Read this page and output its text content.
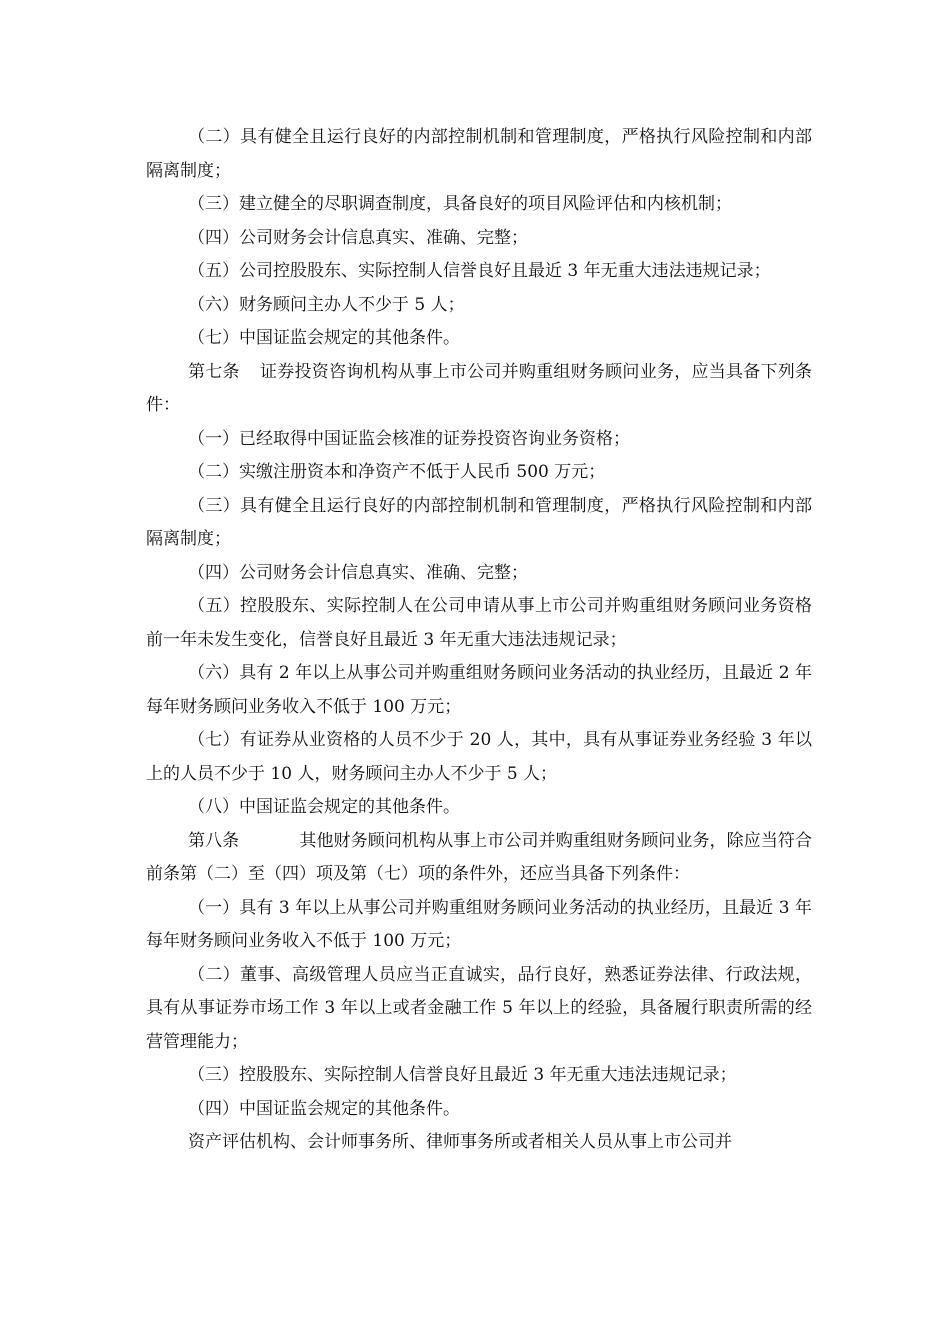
（二）具有健全且运行良好的内部控制机制和管理制度，严格执行风险控制和内部隔离制度；

（三）建立健全的尽职调查制度，具备良好的项目风险评估和内核机制；

（四）公司财务会计信息真实、准确、完整；

（五）公司控股股东、实际控制人信誉良好且最近 3 年无重大违法违规记录；

（六）财务顾问主办人不少于 5 人；

（七）中国证监会规定的其他条件。

第七条 证券投资咨询机构从事上市公司并购重组财务顾问业务，应当具备下列条件：

（一）已经取得中国证监会核准的证券投资咨询业务资格；

（二）实缴注册资本和净资产不低于人民币 500 万元；

（三）具有健全且运行良好的内部控制机制和管理制度，严格执行风险控制和内部隔离制度；

（四）公司财务会计信息真实、准确、完整；

（五）控股股东、实际控制人在公司申请从事上市公司并购重组财务顾问业务资格前一年未发生变化，信誉良好且最近 3 年无重大违法违规记录；

（六）具有 2 年以上从事公司并购重组财务顾问业务活动的执业经历，且最近 2 年每年财务顾问业务收入不低于 100 万元；

（七）有证券从业资格的人员不少于 20 人，其中，具有从事证券业务经验 3 年以上的人员不少于 10 人，财务顾问主办人不少于 5 人；

（八）中国证监会规定的其他条件。

第八条	其他财务顾问机构从事上市公司并购重组财务顾问业务，除应当符合前条第（二）至（四）项及第（七）项的条件外，还应当具备下列条件：

（一）具有 3 年以上从事公司并购重组财务顾问业务活动的执业经历，且最近 3 年每年财务顾问业务收入不低于 100 万元；

（二）董事、高级管理人员应当正直诚实，品行良好，熟悉证券法律、行政法规，具有从事证券市场工作 3 年以上或者金融工作 5 年以上的经验，具备履行职责所需的经营管理能力；

（三）控股股东、实际控制人信誉良好且最近 3 年无重大违法违规记录；

（四）中国证监会规定的其他条件。

资产评估机构、会计师事务所、律师事务所或者相关人员从事上市公司并
